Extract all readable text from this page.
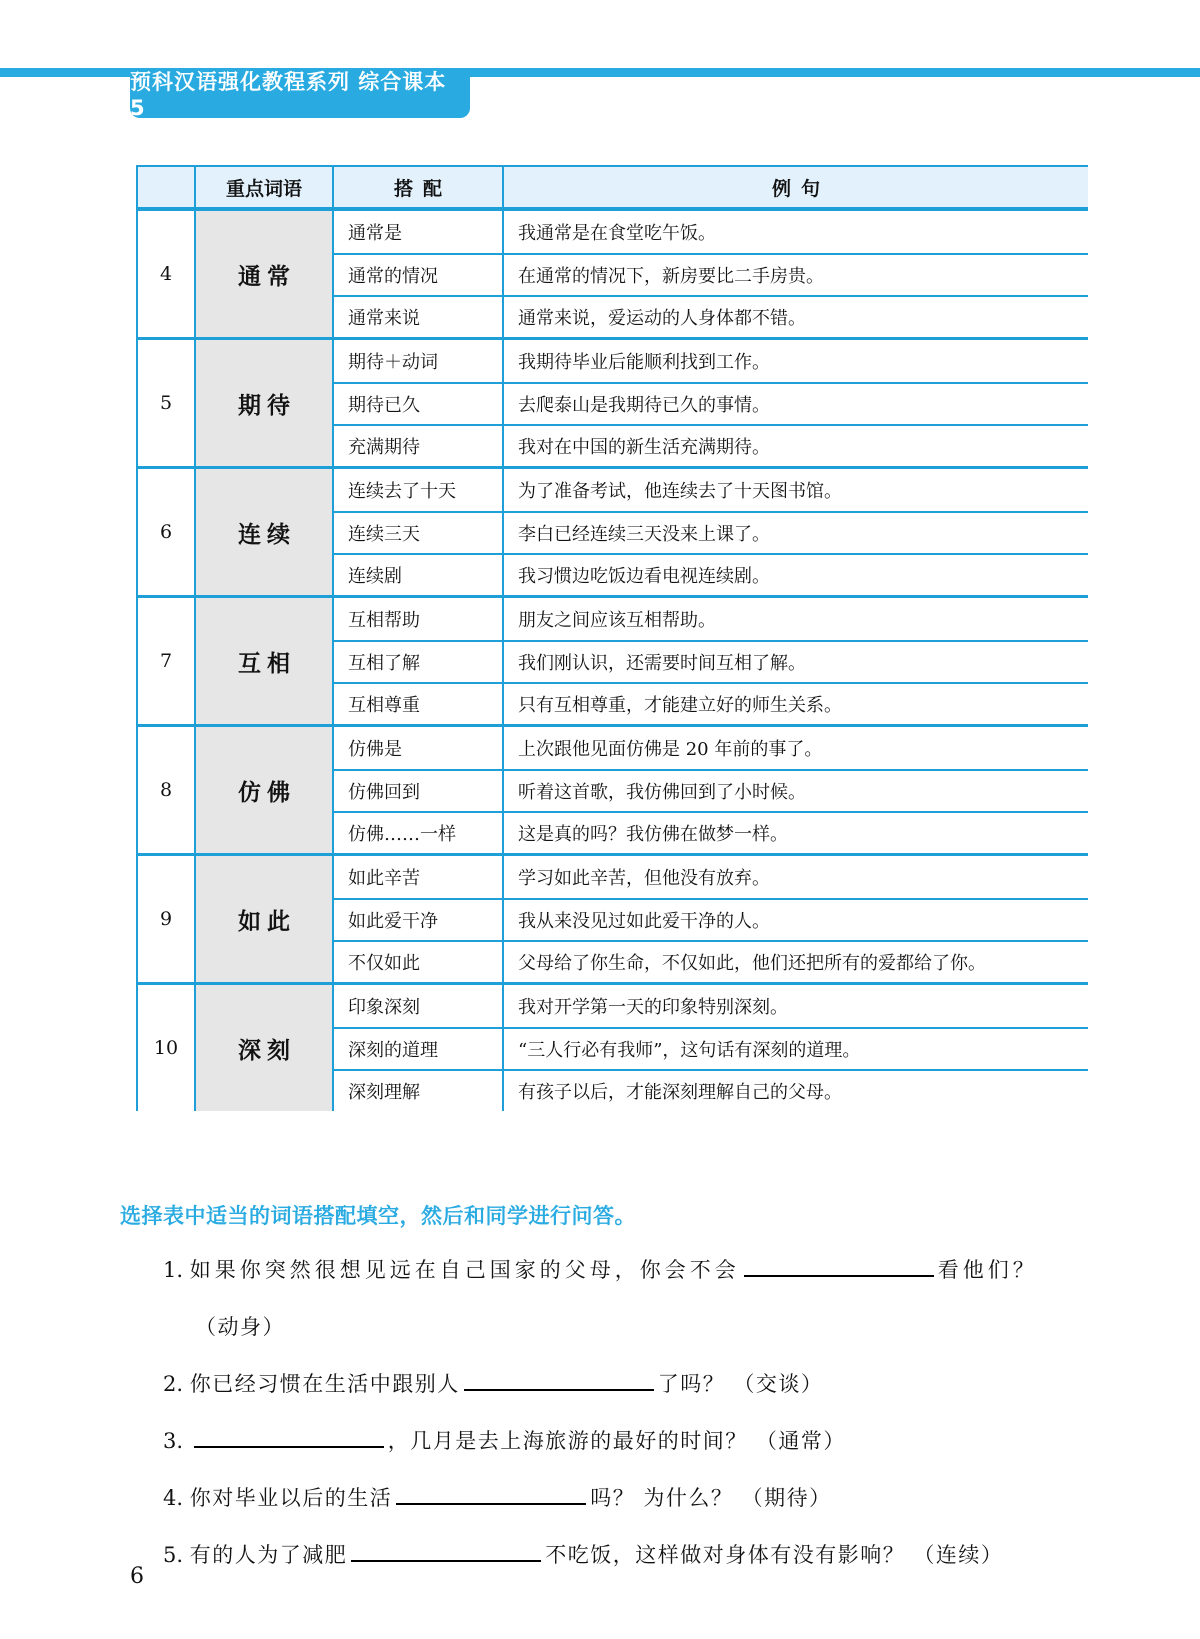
预科汉语强化教程系列 综合课本 5
重点词语	搭配	例句
4	通常
通常是	我通常是在食堂吃午饭。
通常的情况	在通常的情况下，新房要比二手房贵。
通常来说	通常来说，爱运动的人身体都不错。
5	期待
期待＋动词	我期待毕业后能顺利找到工作。
期待已久	去爬泰山是我期待已久的事情。
充满期待	我对在中国的新生活充满期待。
6	连续
连续去了十天	为了准备考试，他连续去了十天图书馆。
连续三天	李白已经连续三天没来上课了。
连续剧	我习惯边吃饭边看电视连续剧。
7	互相
互相帮助	朋友之间应该互相帮助。
互相了解	我们刚认识，还需要时间互相了解。
互相尊重	只有互相尊重，才能建立好的师生关系。
8	仿佛
仿佛是	上次跟他见面仿佛是 20 年前的事了。
仿佛回到	听着这首歌，我仿佛回到了小时候。
仿佛……一样	这是真的吗？我仿佛在做梦一样。
9	如此
如此辛苦	学习如此辛苦，但他没有放弃。
如此爱干净	我从来没见过如此爱干净的人。
不仅如此	父母给了你生命，不仅如此，他们还把所有的爱都给了你。
10	深刻
印象深刻	我对开学第一天的印象特别深刻。
深刻的道理	“三人行必有我师”，这句话有深刻的道理。
深刻理解	有孩子以后，才能深刻理解自己的父母。
选择表中适当的词语搭配填空，然后和同学进行问答。
1. 如果你突然很想见远在自己国家的父母，你会不会	看他们？
（动身）
2. 你已经习惯在生活中跟别人	了吗？ （交谈）
3.	，几月是去上海旅游的最好的时间？ （通常）
4. 你对毕业以后的生活	吗？ 为什么？ （期待）
5. 有的人为了减肥	不吃饭，这样做对身体有没有影响？ （连续）
6
